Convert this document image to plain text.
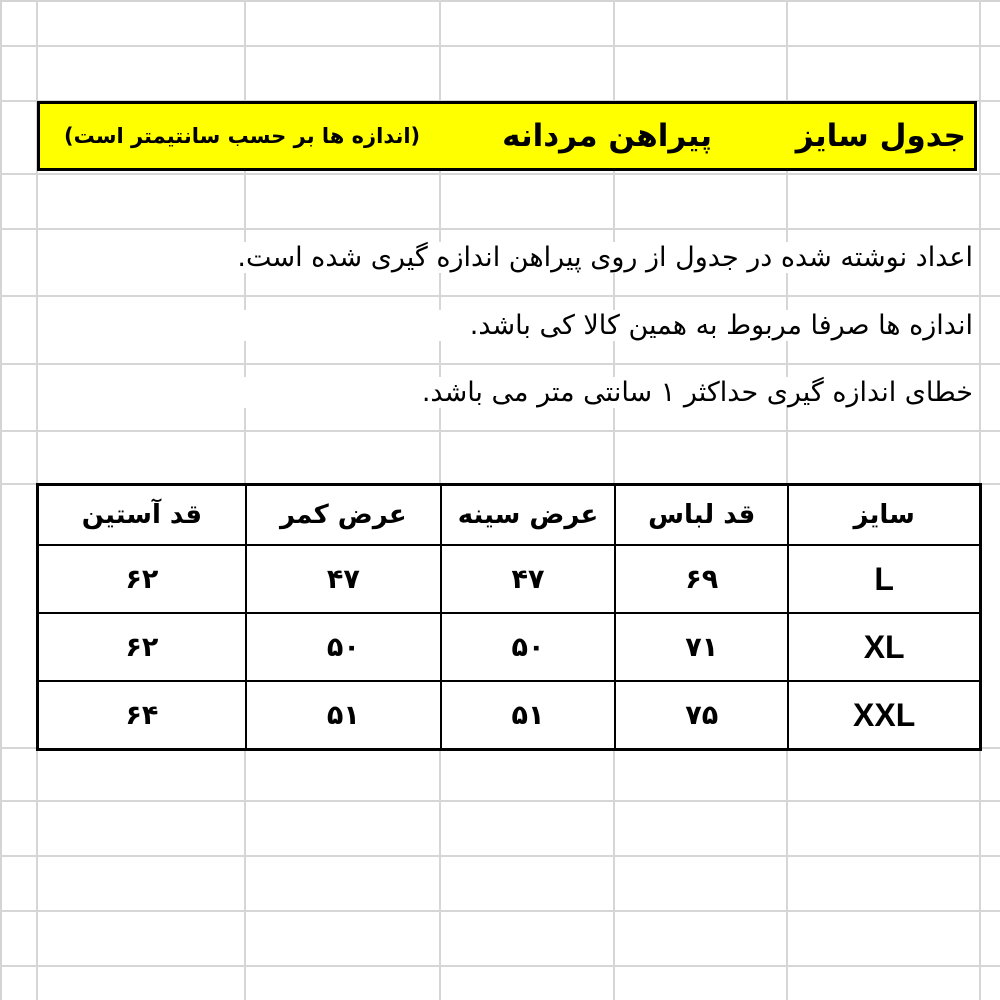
جدول سایز
پیراهن مردانه
(اندازه ها بر حسب سانتیمتر است)
اعداد نوشته شده در جدول از روی پیراهن اندازه گیری شده است.
اندازه ها صرفا مربوط به همین کالا کی باشد.
خطای اندازه گیری حداکثر ۱ سانتی متر می باشد.
سایز	قد لباس	عرض سینه	عرض کمر	قد آستین
L	۶۹	۴۷	۴۷	۶۲
XL	۷۱	۵۰	۵۰	۶۲
XXL	۷۵	۵۱	۵۱	۶۴
